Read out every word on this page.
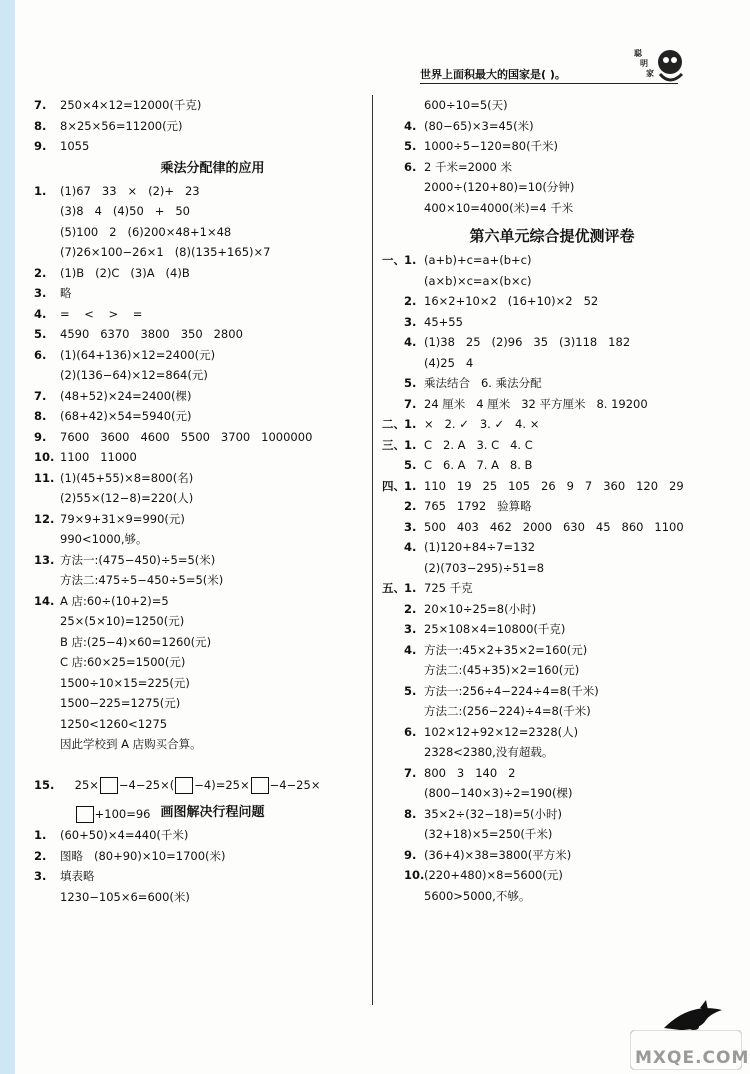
聪
明
家
世界上面积最大的国家是( )。
7. 250×4×12=12000(千克)
8. 8×25×56=11200(元)
9. 1055
乘法分配律的应用
1. (1)67   33   ×   (2)+   23
(3)8   4   (4)50   +   50
(5)100   2   (6)200×48+1×48
(7)26×100−26×1   (8)(135+165)×7
2. (1)B   (2)C   (3)A   (4)B
3. 略
4. =    <    >    =
5. 4590   6370   3800   350   2800
6. (1)(64+136)×12=2400(元)
(2)(136−64)×12=864(元)
7. (48+52)×24=2400(棵)
8. (68+42)×54=5940(元)
9. 7600   3600   4600   5500   3700   1000000
10. 1100   11000
11. (1)(45+55)×8=800(名)
(2)55×(12−8)=220(人)
12. 79×9+31×9=990(元)
990<1000,够。
13. 方法一:(475−450)÷5=5(米)
方法二:475÷5−450÷5=5(米)
14. A 店:60÷(10+2)=5
25×(5×10)=1250(元)
B 店:(25−4)×60=1260(元)
C 店:60×25=1500(元)
1500÷10×15=225(元)
1500−225=1275(元)
1250<1260<1275
因此学校到 A 店购买合算。

15. 25× −4−25×( −4)=25× −4−25×

+100=96
画图解决行程问题
1. (60+50)×4=440(千米)
2. 图略   (80+90)×10=1700(米)
3. 填表略
1230−105×6=600(米)
600÷10=5(天)
4. (80−65)×3=45(米)
5. 1000÷5−120=80(千米)
6. 2 千米=2000 米
2000÷(120+80)=10(分钟)
400×10=4000(米)=4 千米
第六单元综合提优测评卷
一、 1. (a+b)+c=a+(b+c)
(a×b)×c=a×(b×c)
2. 16×2+10×2   (16+10)×2   52
3. 45+55
4. (1)38   25   (2)96   35   (3)118   182
(4)25   4
5. 乘法结合   6. 乘法分配
7. 24 厘米   4 厘米   32 平方厘米   8. 19200
二、 1. ×   2. ✓   3. ✓   4. ×
三、 1. C   2. A   3. C   4. C
5. C   6. A   7. A   8. B
四、 1. 110   19   25   105   26   9   7   360   120   29
2. 765   1792   验算略
3. 500   403   462   2000   630   45   860   1100
4. (1)120+84÷7=132
(2)(703−295)÷51=8
五、 1. 725 千克
2. 20×10÷25=8(小时)
3. 25×108×4=10800(千克)
4. 方法一:45×2+35×2=160(元)
方法二:(45+35)×2=160(元)
5. 方法一:256÷4−224÷4=8(千米)
方法二:(256−224)÷4=8(千米)
6. 102×12+92×12=2328(人)
2328<2380,没有超载。
7. 800   3   140   2
(800−140×3)÷2=190(棵)
8. 35×2÷(32−18)=5(小时)
(32+18)×5=250(千米)
9. (36+4)×38=3800(平方米)
10. (220+480)×8=5600(元)
5600>5000,不够。
93
MXQE.COM
